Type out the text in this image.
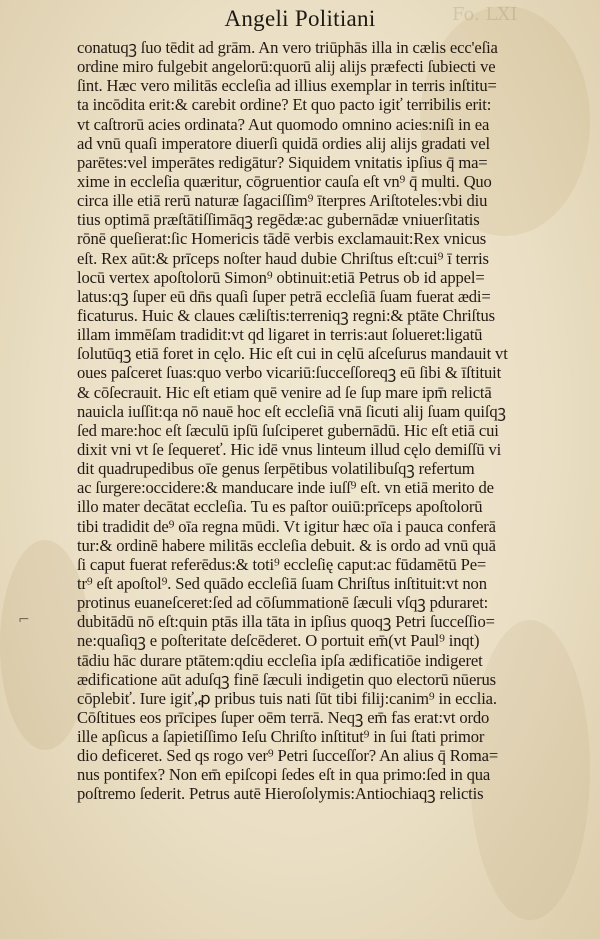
Fo. LXI
Angeli Politiani
⌐
conatuqꝫ ſuo tēdit ad grām. An vero triūphās illa in cælis ecc'eſia
ordine miro fulgebit angelorū:quorū alij alijs præfecti ſubiecti ve
ſint. Hæc vero militās eccleſia ad illius exemplar in terris inſtitu=
ta incōdita erit:& carebit ordine? Et quo pacto igiť terribilis erit:
vt caſtrorū acies ordinata? Aut quomodo omnino acies:niſi in ea
ad vnū quaſi imperatore diuerſi quidā ordies alij alijs gradati vel
parētes:vel imperātes redigātur? Siquidem vnitatis ipſius q̄ ma=
xime in eccleſia quæritur, cōgruentior cauſa eſt vn⁹ q̄ multi. Quo
circa ille etiā rerū naturæ ſagaciſſim⁹ īterpres Ariſtoteles:vbi diu
tius optimā præſtātiſſimāqꝫ regēdæ:ac gubernādæ vniuerſitatis
rōnē queſierat:ſic Homericis tādē verbis exclamauit:Rex vnicus
eſt. Rex aūt:& prīceps noſter haud dubie Chriſtus eſt:cui⁹ ī terris
locū vertex apoſtolorū Simon⁹ obtinuit:etiā Petrus ob id appel=
latus:qꝫ ſuper eū dn̄s quaſi ſuper petrā eccleſiā ſuam fuerat ædi=
ficaturus. Huic & claues cæliſtis:terreniqꝫ regni:& ptāte Chriſtus
illam immēſam tradidit:vt qd ligaret in terris:aut ſolueret:ligatū
ſolutūqꝫ etiā foret in cęlo. Hic eſt cui in cęlū aſceſurus mandauit vt
oues paſceret ſuas:quo verbo vicariū:ſucceſſoreqꝫ eū ſibi & īſtituit
& cōſecrauit. Hic eſt etiam quē venire ad ſe ſup mare ipm̄ relictā
nauicla iuſſit:qa nō nauē hoc eſt eccleſiā vnā ſicuti alij ſuam quiſqꝫ
ſed mare:hoc eſt ſæculū ipſū ſuſciperet gubernādū. Hic eſt etiā cui
dixit vni vt ſe ſequereť. Hic idē vnus linteum illud cęlo demiſſū vi
dit quadrupedibus oīe genus ſerpētibus volatilibuſqꝫ refertum
ac ſurgere:occidere:& manducare inde iuſſ⁹ eſt. vn etiā merito de
illo mater decātat eccleſia. Tu es paſtor ouiū:prīceps apoſtolorū
tibi tradidit de⁹ oīa regna mūdi. Vt igitur hæc oīa i pauca conferā
tur:& ordinē habere militās eccleſia debuit. & is ordo ad vnū quā
ſi caput fuerat referēdus:& toti⁹ eccleſię caput:ac fūdamētū Pe=
tr⁹ eſt apoſtol⁹. Sed quādo eccleſiā ſuam Chriſtus inſtituit:vt non
protinus euaneſceret:ſed ad cōſummationē ſæculi vſqꝫ pduraret:
dubitādū nō eſt:quin ptās illa tāta in ipſius quoqꝫ Petri ſucceſſio=
ne:quaſiqꝫ e poſteritate deſcēderet. O portuit em̄(vt Paul⁹ inqt)
tādiu hāc durare ptātem:qdiu eccleſia ipſa ædificatiōe indigeret
ædificatione aūt aduſqꝫ finē ſæculi indigetin quo electorū nūerus
cōplebiť. Iure igiť,ꝓ pribus tuis nati ſūt tibi filij:canim⁹ in ecclia.
Cōſtitues eos prīcipes ſuper oēm terrā. Neqꝫ em̄ fas erat:vt ordo
ille apſicus a ſapietiſſimo Ieſu Chriſto inſtitut⁹ in ſui ſtati primor
dio deficeret. Sed qs rogo ver⁹ Petri ſucceſſor? An alius q̄ Roma=
nus pontifex? Non em̄ epiſcopi ſedes eſt in qua primo:ſed in qua
poſtremo ſederit. Petrus autē Hieroſolymis:Antiochiaqꝫ relictis
